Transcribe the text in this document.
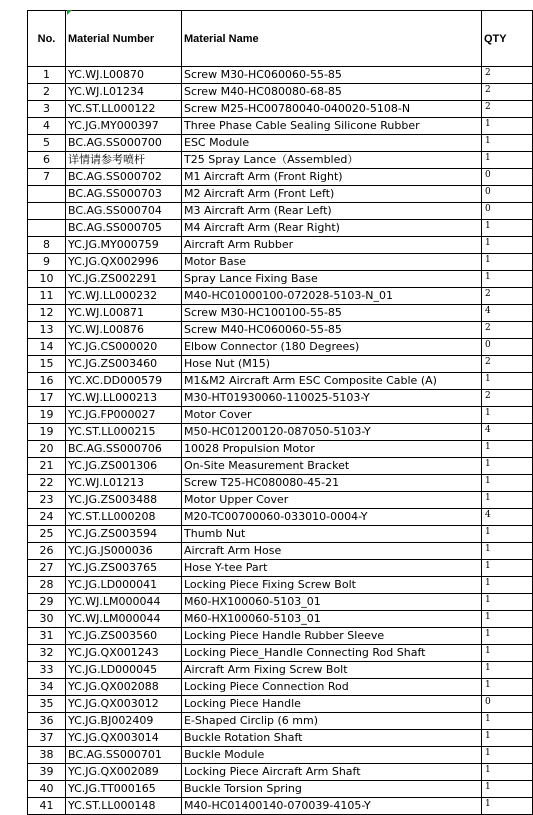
No.	Material Number	Material Name	QTY
1	YC.WJ.L00870	Screw M30-HC060060-55-85	2
2	YC.WJ.L01234	Screw M40-HC080080-68-85	2
3	YC.ST.LL000122	Screw M25-HC00780040-040020-5108-N	2
4	YC.JG.MY000397	Three Phase Cable Sealing Silicone Rubber	1
5	BC.AG.SS000700	ESC Module	1
6	详情请参考喷杆	T25 Spray Lance（Assembled）	1
7	BC.AG.SS000702	M1 Aircraft Arm (Front Right)	0
	BC.AG.SS000703	M2 Aircraft Arm (Front Left)	0
	BC.AG.SS000704	M3 Aircraft Arm (Rear Left)	0
	BC.AG.SS000705	M4 Aircraft Arm (Rear Right)	1
8	YC.JG.MY000759	Aircraft Arm Rubber	1
9	YC.JG.QX002996	Motor Base	1
10	YC.JG.ZS002291	Spray Lance Fixing Base	1
11	YC.WJ.LL000232	M40-HC01000100-072028-5103-N_01	2
12	YC.WJ.L00871	Screw M30-HC100100-55-85	4
13	YC.WJ.L00876	Screw M40-HC060060-55-85	2
14	YC.JG.CS000020	Elbow Connector (180 Degrees)	0
15	YC.JG.ZS003460	Hose Nut (M15)	2
16	YC.XC.DD000579	M1&M2 Aircraft Arm ESC Composite Cable (A)	1
17	YC.WJ.LL000213	M30-HT01930060-110025-5103-Y	2
19	YC.JG.FP000027	Motor Cover	1
19	YC.ST.LL000215	M50-HC01200120-087050-5103-Y	4
20	BC.AG.SS000706	10028 Propulsion Motor	1
21	YC.JG.ZS001306	On-Site Measurement Bracket	1
22	YC.WJ.L01213	Screw T25-HC080080-45-21	1
23	YC.JG.ZS003488	Motor Upper Cover	1
24	YC.ST.LL000208	M20-TC00700060-033010-0004-Y	4
25	YC.JG.ZS003594	Thumb Nut	1
26	YC.JG.JS000036	Aircraft Arm Hose	1
27	YC.JG.ZS003765	Hose Y-tee Part	1
28	YC.JG.LD000041	Locking Piece Fixing Screw Bolt	1
29	YC.WJ.LM000044	M60-HX100060-5103_01	1
30	YC.WJ.LM000044	M60-HX100060-5103_01	1
31	YC.JG.ZS003560	Locking Piece Handle Rubber Sleeve	1
32	YC.JG.QX001243	Locking Piece_Handle Connecting Rod Shaft	1
33	YC.JG.LD000045	Aircraft Arm Fixing Screw Bolt	1
34	YC.JG.QX002088	Locking Piece Connection Rod	1
35	YC.JG.QX003012	Locking Piece Handle	0
36	YC.JG.BJ002409	E-Shaped Circlip (6 mm)	1
37	YC.JG.QX003014	Buckle Rotation Shaft	1
38	BC.AG.SS000701	Buckle Module	1
39	YC.JG.QX002089	Locking Piece Aircraft Arm Shaft	1
40	YC.JG.TT000165	Buckle Torsion Spring	1
41	YC.ST.LL000148	M40-HC01400140-070039-4105-Y	1
